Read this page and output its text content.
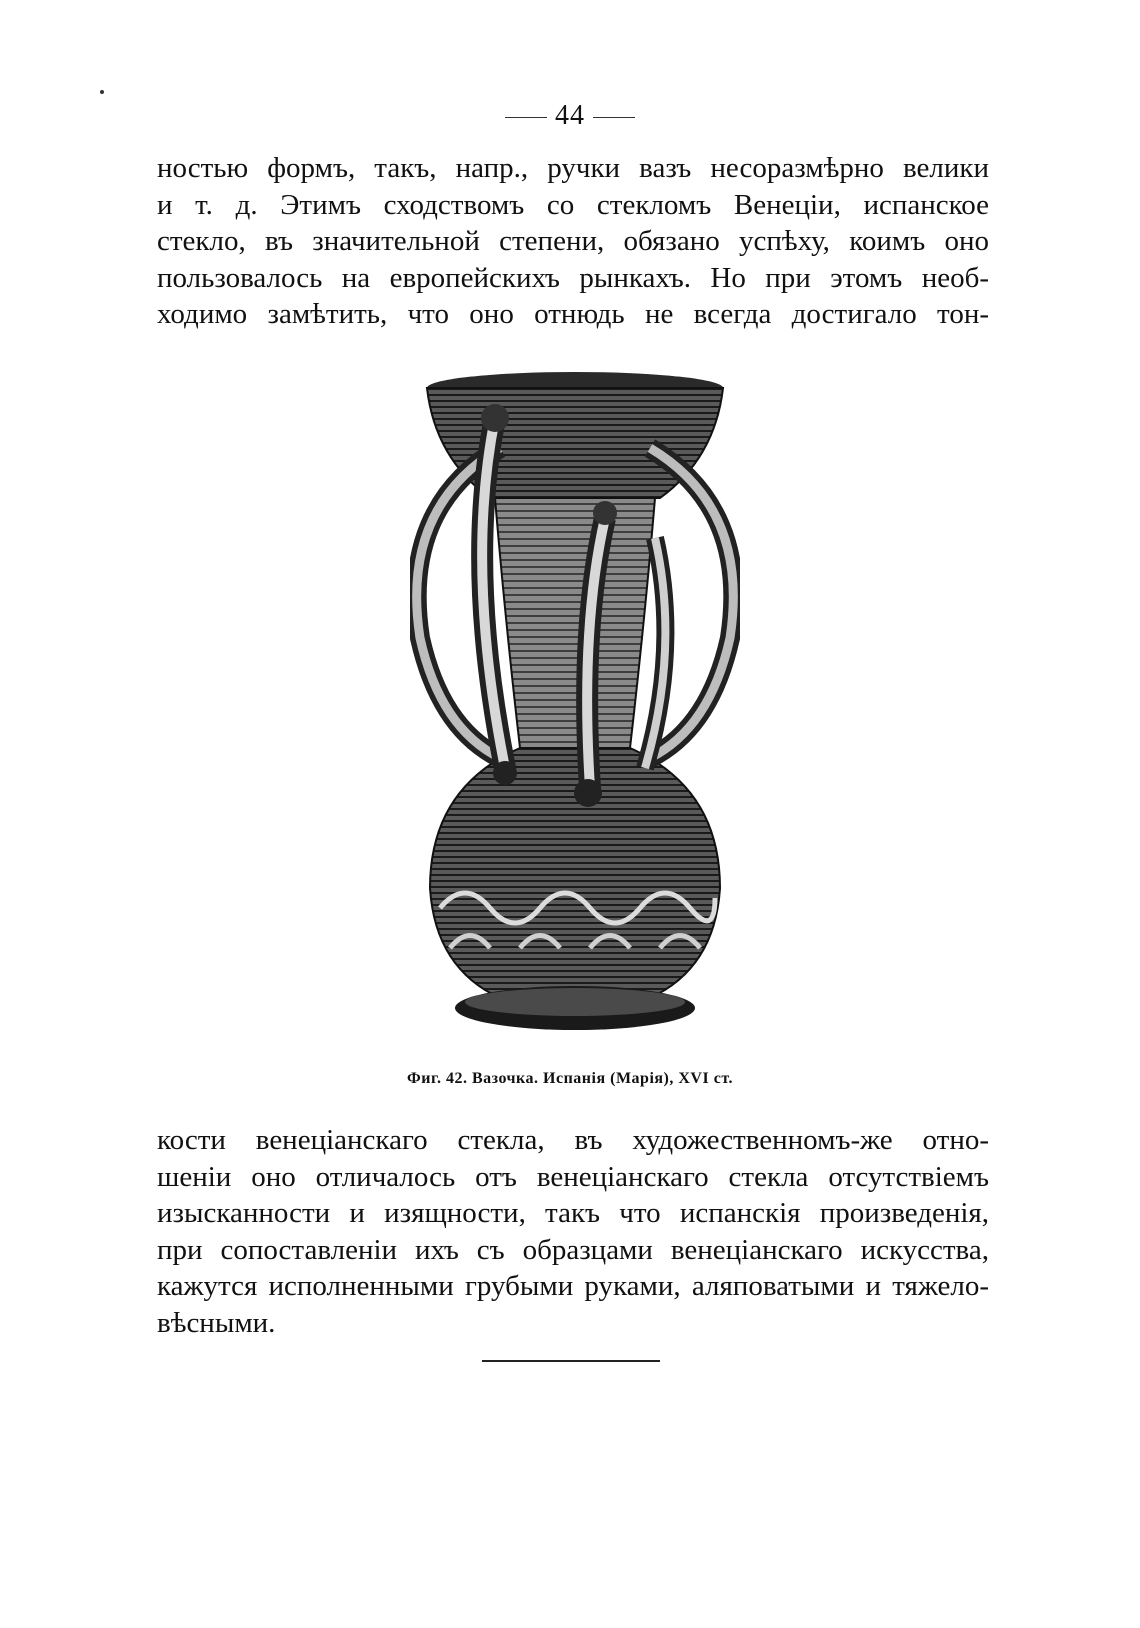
44
ностью формъ, такъ, напр., ручки вазъ несоразмѣрно велики
и т. д. Этимъ сходствомъ со стекломъ Венеціи, испанское
стекло, въ значительной степени, обязано успѣху, коимъ оно
пользовалось на европейскихъ рынкахъ. Но при этомъ необ-
ходимо замѣтить, что оно отнюдь не всегда достигало тон-
Фиг. 42. Вазочка. Испанія (Марія), XVI ст.
кости венеціанскаго стекла, въ художественномъ-же отно-
шеніи оно отличалось отъ венеціанскаго стекла отсутствіемъ
изысканности и изящности, такъ что испанскія произведенія,
при сопоставленіи ихъ съ образцами венеціанскаго искусства,
кажутся исполненными грубыми руками, аляповатыми и тяжело-
вѣсными.
